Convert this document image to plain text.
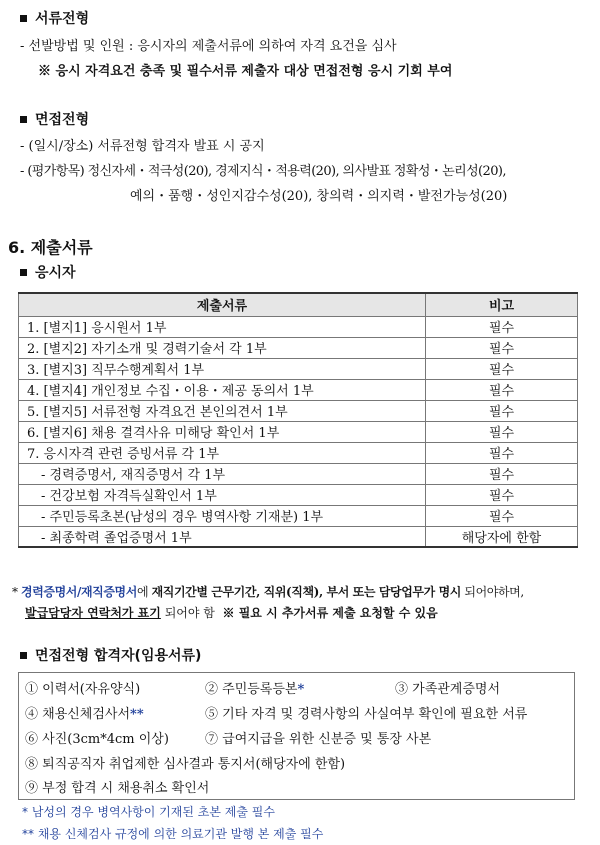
서류전형
- 선발방법 및 인원 : 응시자의 제출서류에 의하여 자격 요건을 심사
※ 응시 자격요건 충족 및 필수서류 제출자 대상 면접전형 응시 기회 부여
면접전형
- (일시/장소) 서류전형 합격자 발표 시 공지
- (평가항목) 정신자세・적극성(20), 경제지식・적용력(20), 의사발표 정확성・논리성(20),
예의・품행・성인지감수성(20), 창의력・의지력・발전가능성(20)
6. 제출서류
응시자
제출서류	비고
1. [별지1] 응시원서 1부	필수
2. [별지2] 자기소개 및 경력기술서 각 1부	필수
3. [별지3] 직무수행계획서 1부	필수
4. [별지4] 개인정보 수집・이용・제공 동의서 1부	필수
5. [별지5] 서류전형 자격요건 본인의견서 1부	필수
6. [별지6] 채용 결격사유 미해당 확인서 1부	필수
7. 응시자격 관련 증빙서류 각 1부	필수
- 경력증명서, 재직증명서 각 1부	필수
- 건강보험 자격득실확인서 1부	필수
- 주민등록초본(남성의 경우 병역사항 기재분) 1부	필수
- 최종학력 졸업증명서 1부	해당자에 한함
* 경력증명서/재직증명서에 재직기간별 근무기간, 직위(직책), 부서 또는 담당업무가 명시 되어야하며,
발급담당자 연락처가 표기 되어야 함 ※ 필요 시 추가서류 제출 요청할 수 있음
면접전형 합격자(임용서류)
① 이력서(자유양식)	② 주민등록등본*	③ 가족관계증명서
④ 채용신체검사서**	⑤ 기타 자격 및 경력사항의 사실여부 확인에 필요한 서류
⑥ 사진(3cm*4cm 이상)	⑦ 급여지급을 위한 신분증 및 통장 사본
⑧ 퇴직공직자 취업제한 심사결과 통지서(해당자에 한함)
⑨ 부정 합격 시 채용취소 확인서
* 남성의 경우 병역사항이 기재된 초본 제출 필수
** 채용 신체검사 규정에 의한 의료기관 발행 본 제출 필수
